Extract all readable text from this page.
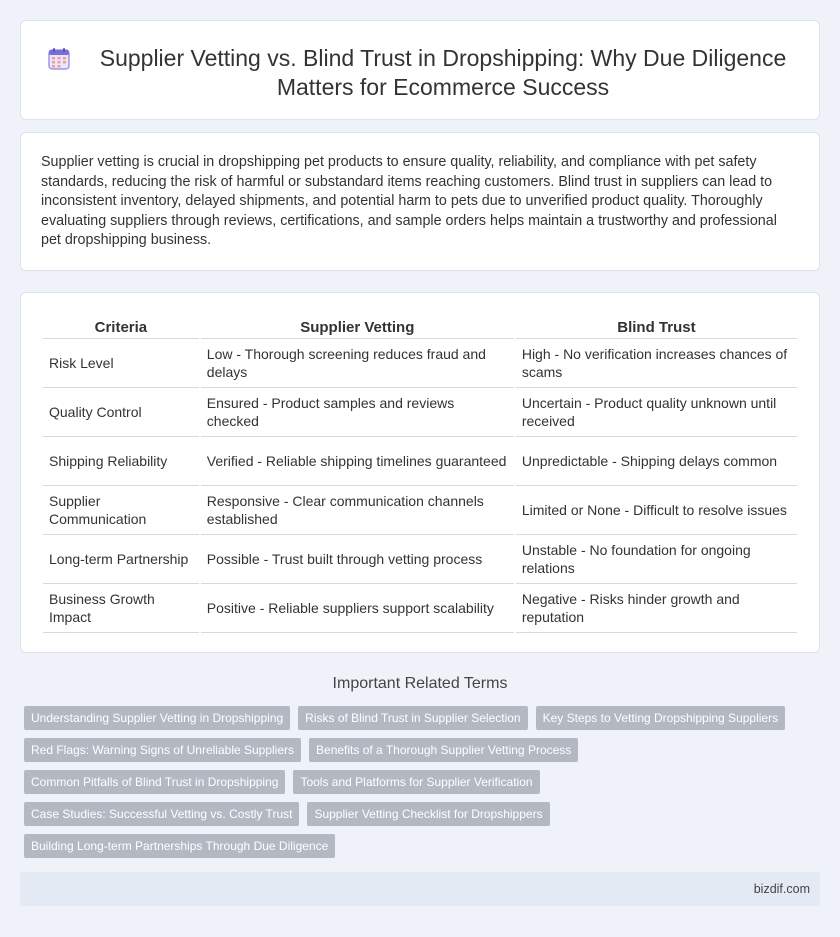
Supplier Vetting vs. Blind Trust in Dropshipping: Why Due Diligence Matters for Ecommerce Success

Supplier vetting is crucial in dropshipping pet products to ensure quality, reliability, and compliance with pet safety standards, reducing the risk of harmful or substandard items reaching customers. Blind trust in suppliers can lead to inconsistent inventory, delayed shipments, and potential harm to pets due to unverified product quality. Thoroughly evaluating suppliers through reviews, certifications, and sample orders helps maintain a trustworthy and professional pet dropshipping business.

Criteria	Supplier Vetting	Blind Trust
Risk Level	Low - Thorough screening reduces fraud and delays	High - No verification increases chances of scams
Quality Control	Ensured - Product samples and reviews checked	Uncertain - Product quality unknown until received
Shipping Reliability	Verified - Reliable shipping timelines guaranteed	Unpredictable - Shipping delays common
Supplier Communication	Responsive - Clear communication channels established	Limited or None - Difficult to resolve issues
Long-term Partnership	Possible - Trust built through vetting process	Unstable - No foundation for ongoing relations
Business Growth Impact	Positive - Reliable suppliers support scalability	Negative - Risks hinder growth and reputation
Important Related Terms
Understanding Supplier Vetting in Dropshipping	Risks of Blind Trust in Supplier Selection	Key Steps to Vetting Dropshipping Suppliers
Red Flags: Warning Signs of Unreliable Suppliers	Benefits of a Thorough Supplier Vetting Process
Common Pitfalls of Blind Trust in Dropshipping	Tools and Platforms for Supplier Verification
Case Studies: Successful Vetting vs. Costly Trust	Supplier Vetting Checklist for Dropshippers
Building Long-term Partnerships Through Due Diligence
bizdif.com
